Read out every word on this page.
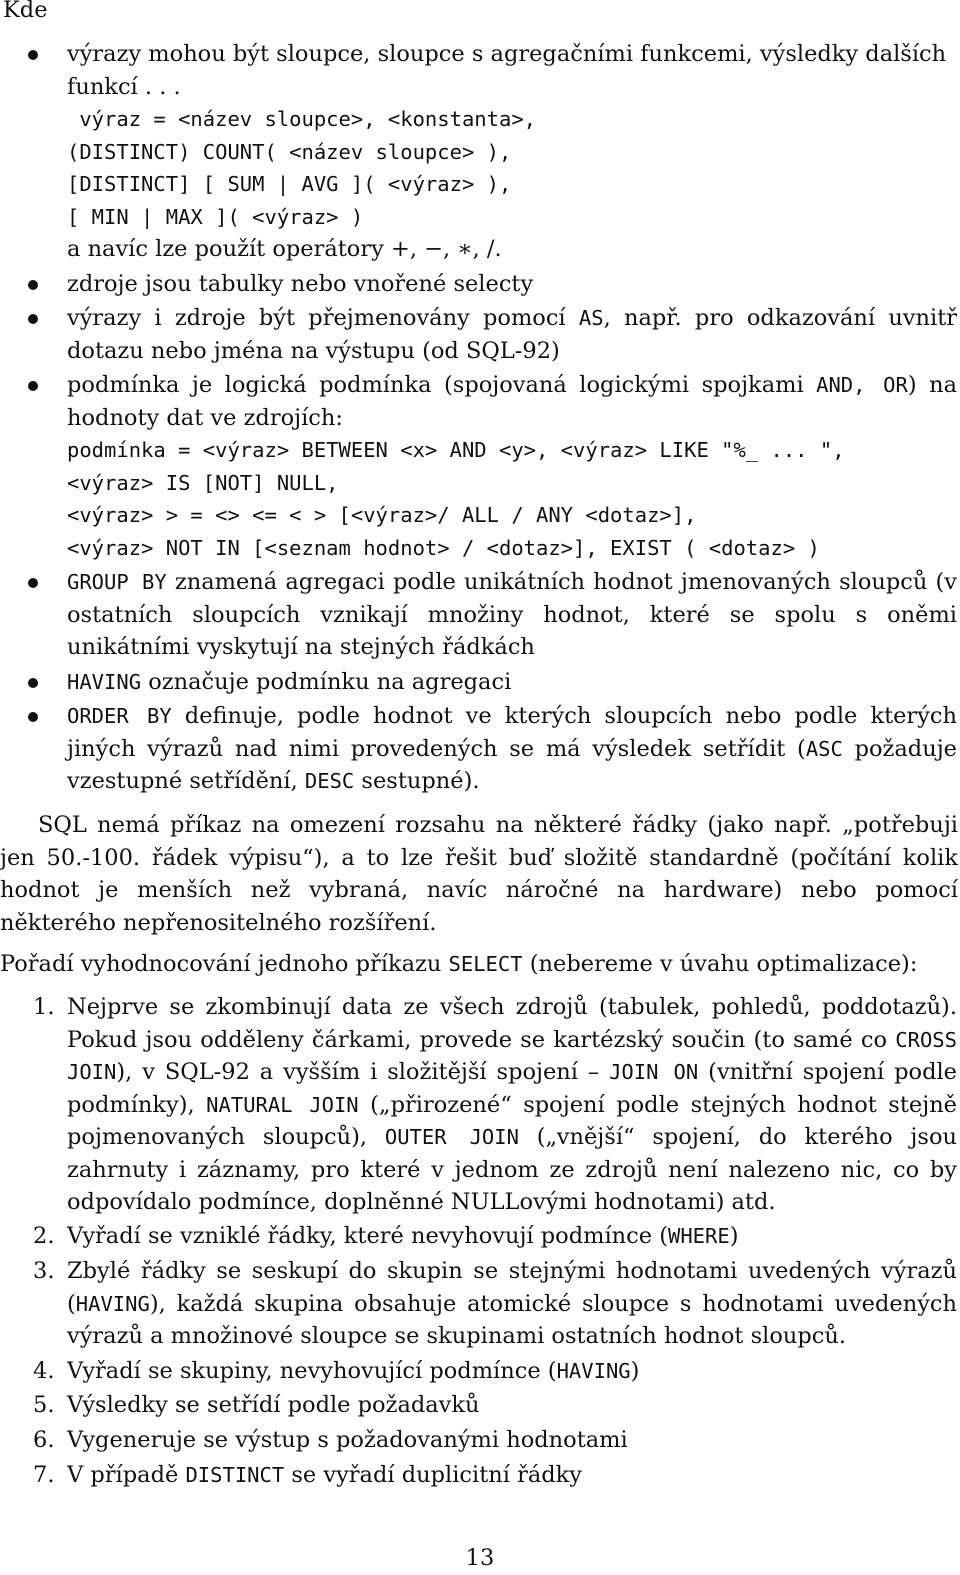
Kde
výrazy mohou být sloupce, sloupce s agregačními funkcemi, výsledky dalších
funkcí . . .
výraz = <název sloupce>, <konstanta>,
(DISTINCT) COUNT( <název sloupce> ),
[DISTINCT] [ SUM | AVG ]( <výraz> ),
[ MIN | MAX ]( <výraz> )
a navíc lze použít operátory +, −, ∗, /.
zdroje jsou tabulky nebo vnořené selecty
výrazy i zdroje být přejmenovány pomocí AS, např. pro odkazování uvnitř dotazu nebo jména na výstupu (od SQL-92)
podmínka je logická podmínka (spojovaná logickými spojkami AND, OR) na hodnoty dat ve zdrojích:
podmínka = <výraz> BETWEEN <x> AND <y>, <výraz> LIKE "%_ ... ",
<výraz> IS [NOT] NULL,
<výraz> > = <> <= < > [<výraz>/ ALL / ANY <dotaz>],
<výraz> NOT IN [<seznam hodnot> / <dotaz>], EXIST ( <dotaz> )
GROUP BY znamená agregaci podle unikátních hodnot jmenovaných sloupců (v ostatních sloupcích vznikají množiny hodnot, které se spolu s oněmi unikátními vyskytují na stejných řádkách
HAVING označuje podmínku na agregaci
ORDER BY definuje, podle hodnot ve kterých sloupcích nebo podle kterých jiných výrazů nad nimi provedených se má výsledek setřídit (ASC požaduje vzestupné setřídění, DESC sestupné).
SQL nemá příkaz na omezení rozsahu na některé řádky (jako např. „potřebuji jen 50.-100. řádek výpisu“), a to lze řešit buď složitě standardně (počítání kolik hodnot je menších než vybraná, navíc náročné na hardware) nebo pomocí některého nepřenositelného rozšíření.
Pořadí vyhodnocování jednoho příkazu SELECT (nebereme v úvahu optimalizace):
1. Nejprve se zkombinují data ze všech zdrojů (tabulek, pohledů, poddotazů). Pokud jsou odděleny čárkami, provede se kartézský součin (to samé co CROSS JOIN), v SQL-92 a vyšším i složitější spojení – JOIN ON (vnitřní spojení podle podmínky), NATURAL JOIN („přirozené“ spojení podle stejných hodnot stejně pojmenovaných sloupců), OUTER JOIN („vnější“ spojení, do kterého jsou zahrnuty i záznamy, pro které v jednom ze zdrojů není nalezeno nic, co by odpovídalo podmínce, doplněnné NULLovými hodnotami) atd.
2. Vyřadí se vzniklé řádky, které nevyhovují podmínce (WHERE)
3. Zbylé řádky se seskupí do skupin se stejnými hodnotami uvedených výrazů (HAVING), každá skupina obsahuje atomické sloupce s hodnotami uvedených výrazů a množinové sloupce se skupinami ostatních hodnot sloupců.
4. Vyřadí se skupiny, nevyhovující podmínce (HAVING)
5. Výsledky se setřídí podle požadavků
6. Vygeneruje se výstup s požadovanými hodnotami
7. V případě DISTINCT se vyřadí duplicitní řádky
13
